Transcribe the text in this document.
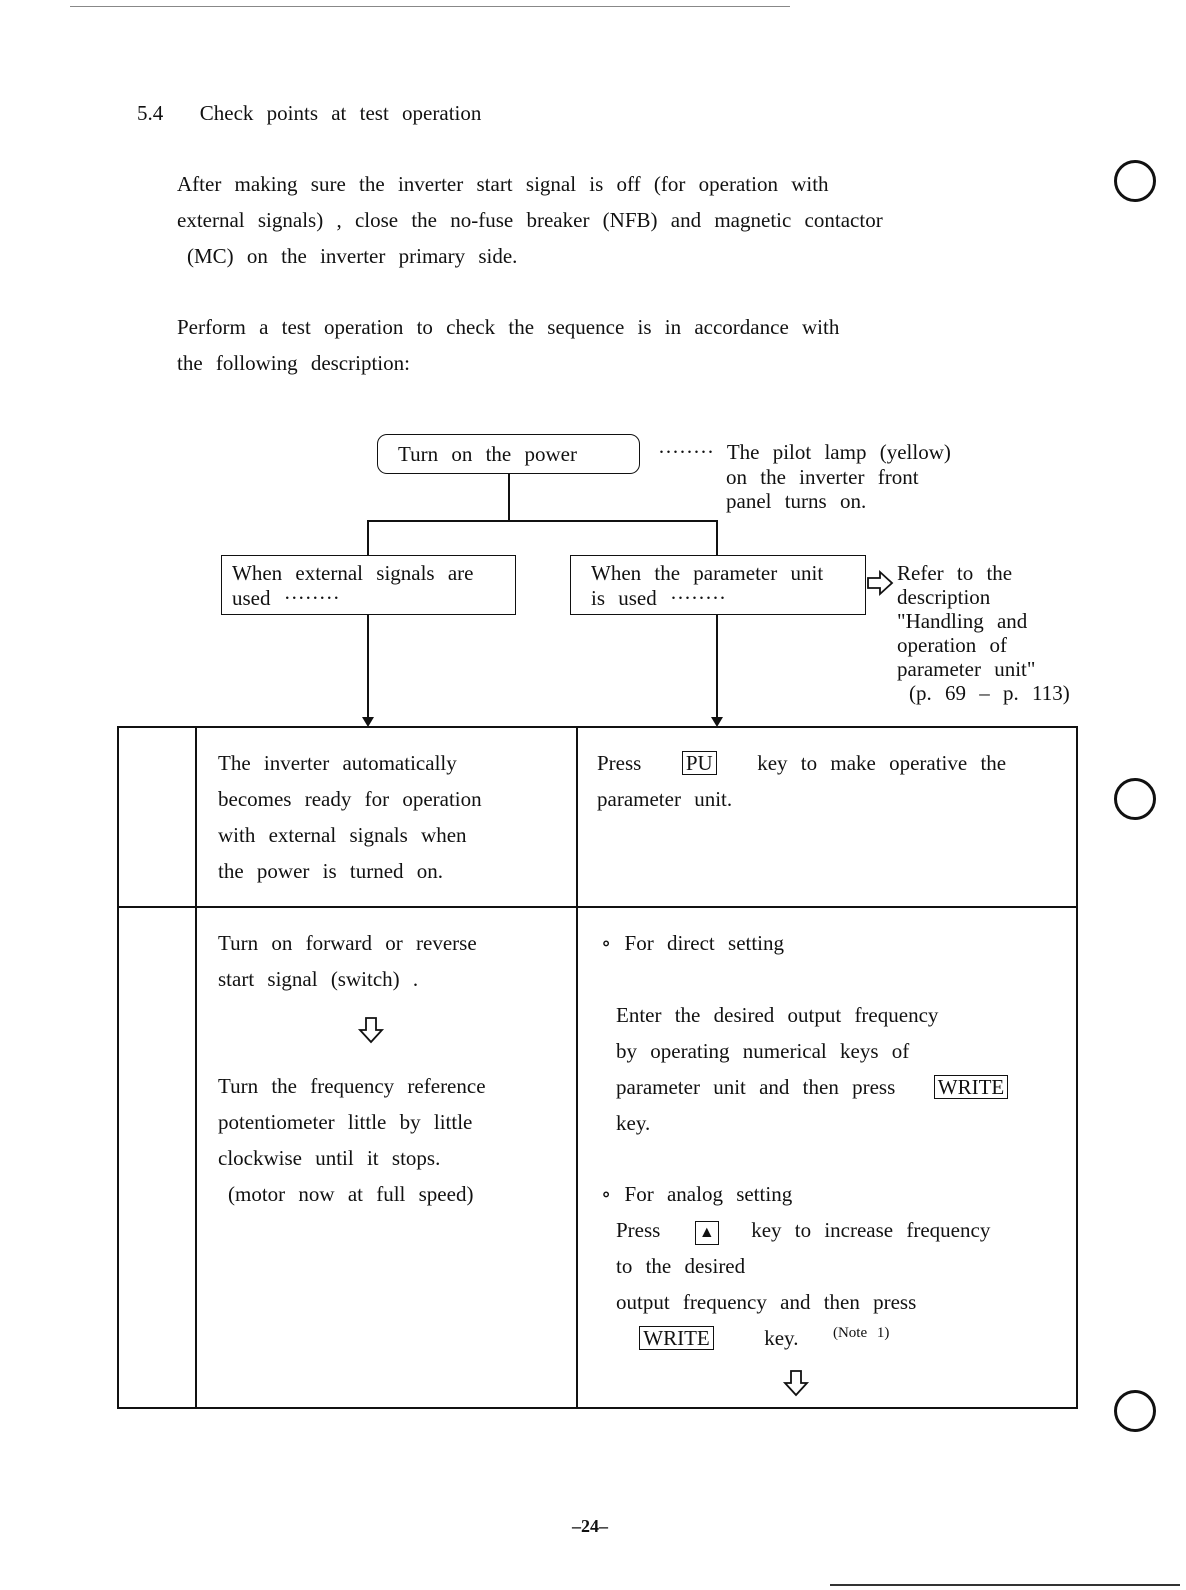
5.4 Check points at test operation
After making sure the inverter start signal is off (for operation with
external signals) , close the no-fuse breaker (NFB) and magnetic contactor
(MC) on the inverter primary side.
Perform a test operation to check the sequence is in accordance with
the following description:
Turn on the power	········ The pilot lamp (yellow)
on the inverter front
panel turns on.
When external signals are
used ········
When the parameter unit
is used ········
Refer to the
description
"Handling and
operation of
parameter unit"
(p. 69 – p. 113)
The inverter automatically
becomes ready for operation
with external signals when
the power is turned on.
Press PU key to make operative the
parameter unit.
Turn on forward or reverse
start signal (switch) .
Turn the frequency reference
potentiometer little by little
clockwise until it stops.
(motor now at full speed)
∘ For direct setting
Enter the desired output frequency
by operating numerical keys of
parameter unit and then press WRITE
key.
∘ For analog setting
Press ▲ key to increase frequency
to the desired
output frequency and then press
WRITE	key. $^{(Note 1)}$
–24–
